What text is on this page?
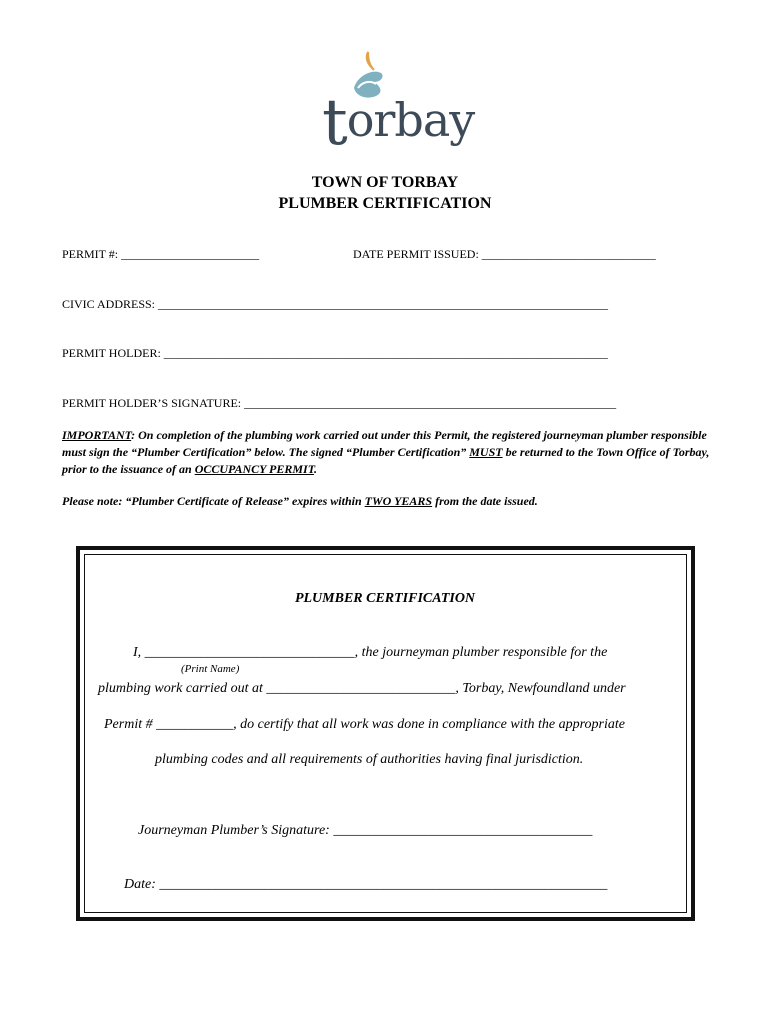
torbay
TOWN OF TORBAY
PLUMBER CERTIFICATION
PERMIT #: _______________________	DATE PERMIT ISSUED: _____________________________
CIVIC ADDRESS: ___________________________________________________________________________
PERMIT HOLDER: __________________________________________________________________________
PERMIT HOLDER’S SIGNATURE: ______________________________________________________________
IMPORTANT: On completion of the plumbing work carried out under this Permit, the registered journeyman plumber responsible must sign the “Plumber Certification” below. The signed “Plumber Certification” MUST be returned to the Town Office of Torbay, prior to the issuance of an OCCUPANCY PERMIT.
Please note: “Plumber Certificate of Release” expires within TWO YEARS from the date issued.
PLUMBER CERTIFICATION
I, ______________________________, the journeyman plumber responsible for the
(Print Name)
plumbing work carried out at ___________________________, Torbay, Newfoundland under
Permit # ___________, do certify that all work was done in compliance with the appropriate
plumbing codes and all requirements of authorities having final jurisdiction.
Journeyman Plumber’s Signature: _____________________________________
Date: ________________________________________________________________
